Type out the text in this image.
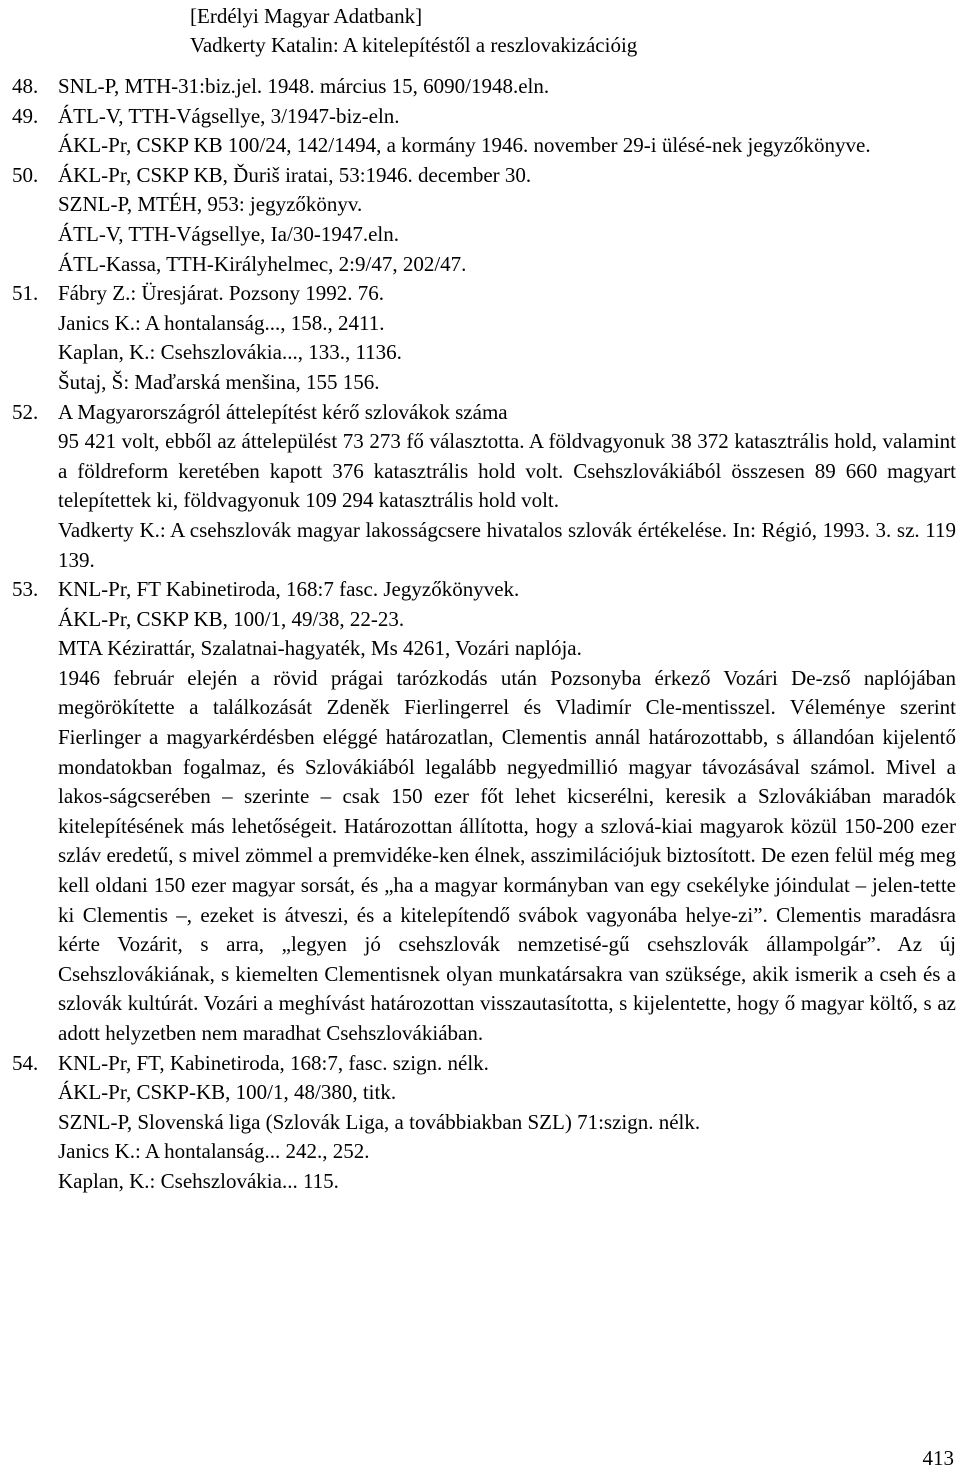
[Erdélyi Magyar Adatbank]
Vadkerty Katalin: A kitelepítéstől a reszlovakizációig
48. SNL-P, MTH-31:biz.jel. 1948. március 15, 6090/1948.eln.
49. ÁTL-V, TTH-Vágsellye, 3/1947-biz-eln.
ÁKL-Pr, CSKP KB 100/24, 142/1494, a kormány 1946. november 29-i ülésé-nek jegyzőkönyve.
50. ÁKL-Pr, CSKP KB, Ďuriš iratai, 53:1946. december 30.
SZNL-P, MTÉH, 953: jegyzőkönyv.
ÁTL-V, TTH-Vágsellye, Ia/30-1947.eln.
ÁTL-Kassa, TTH-Királyhelmec, 2:9/47, 202/47.
51. Fábry Z.: Üresjárat. Pozsony 1992. 76.
Janics K.: A hontalanság..., 158., 2411.
Kaplan, K.: Csehszlovákia..., 133., 1136.
Šutaj, Š: Maďarská menšina, 155 156.
52. A Magyarországról áttelepítést kérő szlovákok száma
95 421 volt, ebből az áttelepülést 73 273 fő választotta. A földvagyonuk 38 372 katasztrális hold, valamint a földreform keretében kapott 376 katasztrális hold volt. Csehszlovákiából összesen 89 660 magyart telepítettek ki, földvagyonuk 109 294 katasztrális hold volt.
Vadkerty K.: A csehszlovák magyar lakosságcsere hivatalos szlovák értékelése. In: Régió, 1993. 3. sz. 119 139.
53. KNL-Pr, FT Kabinetiroda, 168:7 fasc. Jegyzőkönyvek.
ÁKL-Pr, CSKP KB, 100/1, 49/38, 22-23.
MTA Kézirattár, Szalatnai-hagyaték, Ms 4261, Vozári naplója.
1946 február elején a rövid prágai tarózkodás után Pozsonyba érkező Vozári De-zső naplójában megörökítette a találkozását Zdeněk Fierlingerrel és Vladimír Cle-mentisszel. Véleménye szerint Fierlinger a magyarkérdésben eléggé határozatlan, Clementis annál határozottabb, s állandóan kijelentő mondatokban fogalmaz, és Szlovákiából legalább negyedmillió magyar távozásával számol. Mivel a lakos-ságcserében – szerinte – csak 150 ezer főt lehet kicserélni, keresik a Szlovákiában maradók kitelepítésének más lehetőségeit. Határozottan állította, hogy a szlová-kiai magyarok közül 150-200 ezer szláv eredetű, s mivel zömmel a premvidéke-ken élnek, asszimilációjuk biztosított. De ezen felül még meg kell oldani 150 ezer magyar sorsát, és „ha a magyar kormányban van egy csekélyke jóindulat – jelen-tette ki Clementis –, ezeket is átveszi, és a kitelepítendő svábok vagyonába helye-zi”. Clementis maradásra kérte Vozárit, s arra, „legyen jó csehszlovák nemzetisé-gű csehszlovák állampolgár”. Az új Csehszlovákiának, s kiemelten Clementisnek olyan munkatársakra van szüksége, akik ismerik a cseh és a szlovák kultúrát. Vozári a meghívást határozottan visszautasította, s kijelentette, hogy ő magyar költő, s az adott helyzetben nem maradhat Csehszlovákiában.
54. KNL-Pr, FT, Kabinetiroda, 168:7, fasc. szign. nélk.
ÁKL-Pr, CSKP-KB, 100/1, 48/380, titk.
SZNL-P, Slovenská liga (Szlovák Liga, a továbbiakban SZL) 71:szign. nélk.
Janics K.: A hontalanság... 242., 252.
Kaplan, K.: Csehszlovákia... 115.
413
